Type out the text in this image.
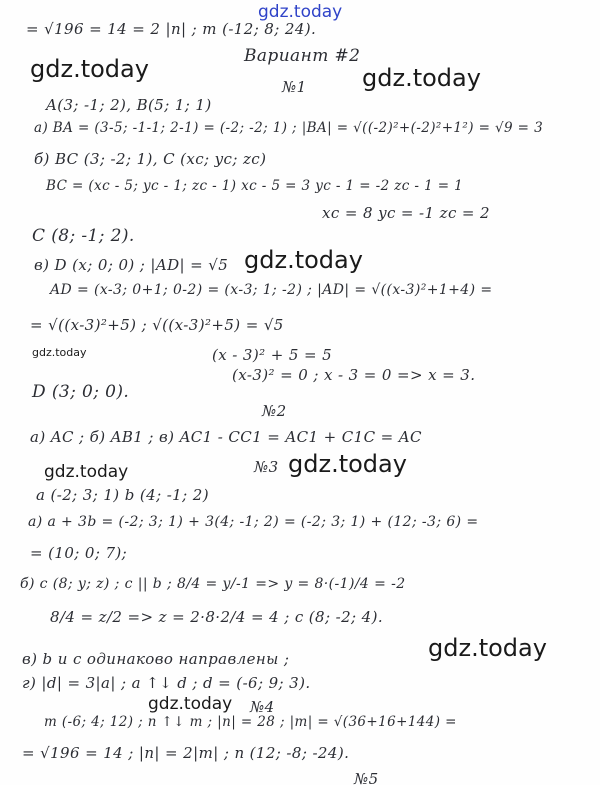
gdz.today
= √196 = 14 = 2 |n| ; m (-12; 8; 24).
Вариант #2
gdz.today	gdz.today
№1
A(3; -1; 2), B(5; 1; 1)
а) BA = (3-5; -1-1; 2-1) = (-2; -2; 1) ; |BA| = √((-2)²+(-2)²+1²) = √9 = 3
б) BC (3; -2; 1), C (xc; yc; zc)
BC = (xc - 5; yc - 1; zc - 1) xc - 5 = 3 yc - 1 = -2 zc - 1 = 1
xc = 8 yc = -1 zc = 2
C (8; -1; 2).
в) D (x; 0; 0) ; |AD| = √5 gdz.today
AD = (x-3; 0+1; 0-2) = (x-3; 1; -2) ; |AD| = √((x-3)²+1+4) =
= √((x-3)²+5) ; √((x-3)²+5) = √5
gdz.today	(x - 3)² + 5 = 5
(x-3)² = 0 ; x - 3 = 0 => x = 3.
D (3; 0; 0).
№2
а) AC ; б) AB1 ; в) AC1 - CC1 = AC1 + C1C = AC
gdz.today	№3 gdz.today
a (-2; 3; 1) b (4; -1; 2)
а) a + 3b = (-2; 3; 1) + 3(4; -1; 2) = (-2; 3; 1) + (12; -3; 6) =
= (10; 0; 7);
б) c (8; y; z) ; c || b ; 8/4 = y/-1 => y = 8·(-1)/4 = -2
8/4 = z/2 => z = 2·8·2/4 = 4 ; c (8; -2; 4).
в) b и c одинаково направлены ;	gdz.today
г) |d| = 3|a| ; a ↑↓ d ; d = (-6; 9; 3).
gdz.today №4
m (-6; 4; 12) ; n ↑↓ m ; |n| = 28 ; |m| = √(36+16+144) =
= √196 = 14 ; |n| = 2|m| ; n (12; -8; -24).
№5
